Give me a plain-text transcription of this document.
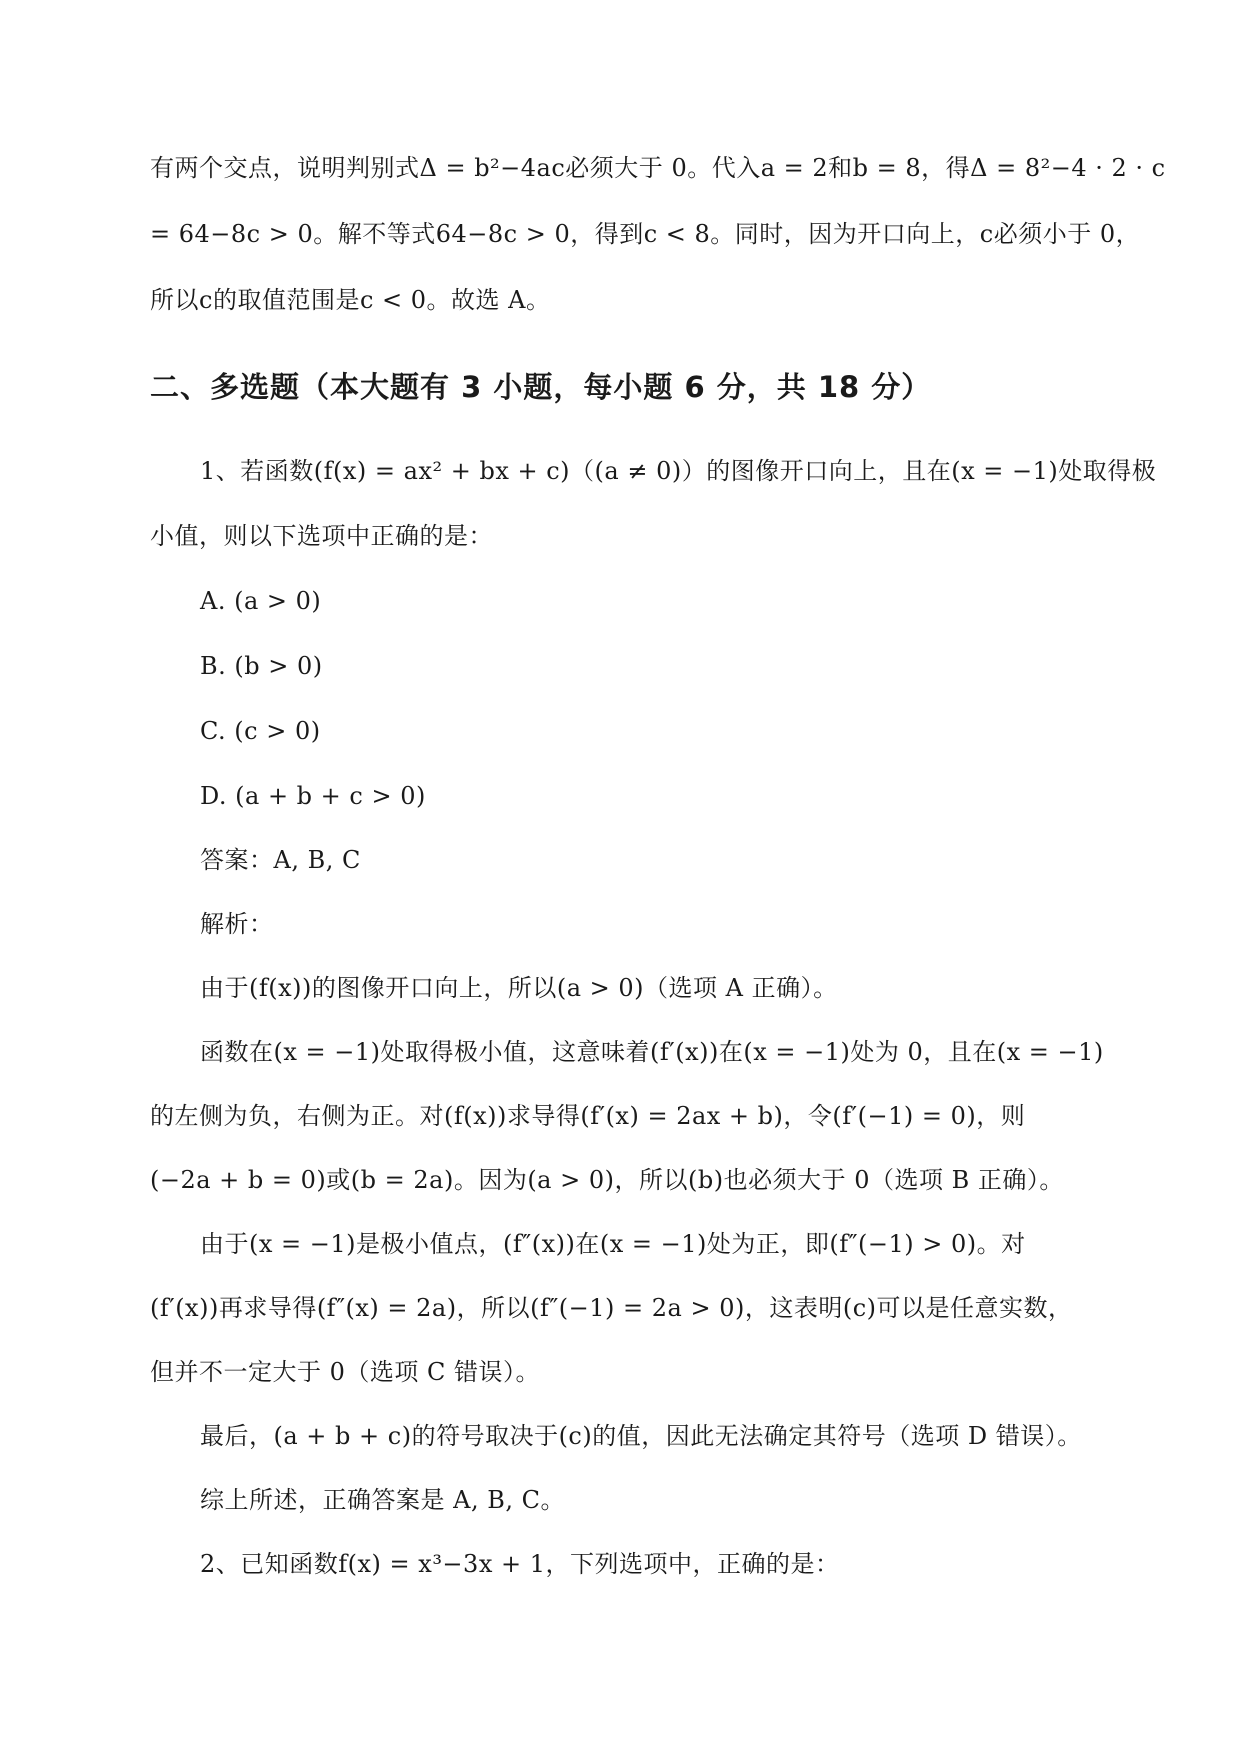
有两个交点，说明判别式Δ = b²−4ac必须大于 0。代入a = 2和b = 8，得Δ = 8²−4 · 2 · c
= 64−8c > 0。解不等式64−8c > 0，得到c < 8。同时，因为开口向上，c必须小于 0，
所以c的取值范围是c < 0。故选 A。
二、多选题（本大题有 3 小题，每小题 6 分，共 18 分）
1、若函数(f(x) = ax² + bx + c)（(a ≠ 0)）的图像开口向上，且在(x = −1)处取得极
小值，则以下选项中正确的是：
A. (a > 0)
B. (b > 0)
C. (c > 0)
D. (a + b + c > 0)
答案：A, B, C
解析：
由于(f(x))的图像开口向上，所以(a > 0)（选项 A 正确）。
函数在(x = −1)处取得极小值，这意味着(f′(x))在(x = −1)处为 0，且在(x = −1)
的左侧为负，右侧为正。对(f(x))求导得(f′(x) = 2ax + b)，令(f′(−1) = 0)，则
(−2a + b = 0)或(b = 2a)。因为(a > 0)，所以(b)也必须大于 0（选项 B 正确）。
由于(x = −1)是极小值点，(f″(x))在(x = −1)处为正，即(f″(−1) > 0)。对
(f′(x))再求导得(f″(x) = 2a)，所以(f″(−1) = 2a > 0)，这表明(c)可以是任意实数，
但并不一定大于 0（选项 C 错误）。
最后，(a + b + c)的符号取决于(c)的值，因此无法确定其符号（选项 D 错误）。
综上所述，正确答案是 A, B, C。
2、已知函数f(x) = x³−3x + 1，下列选项中，正确的是：
